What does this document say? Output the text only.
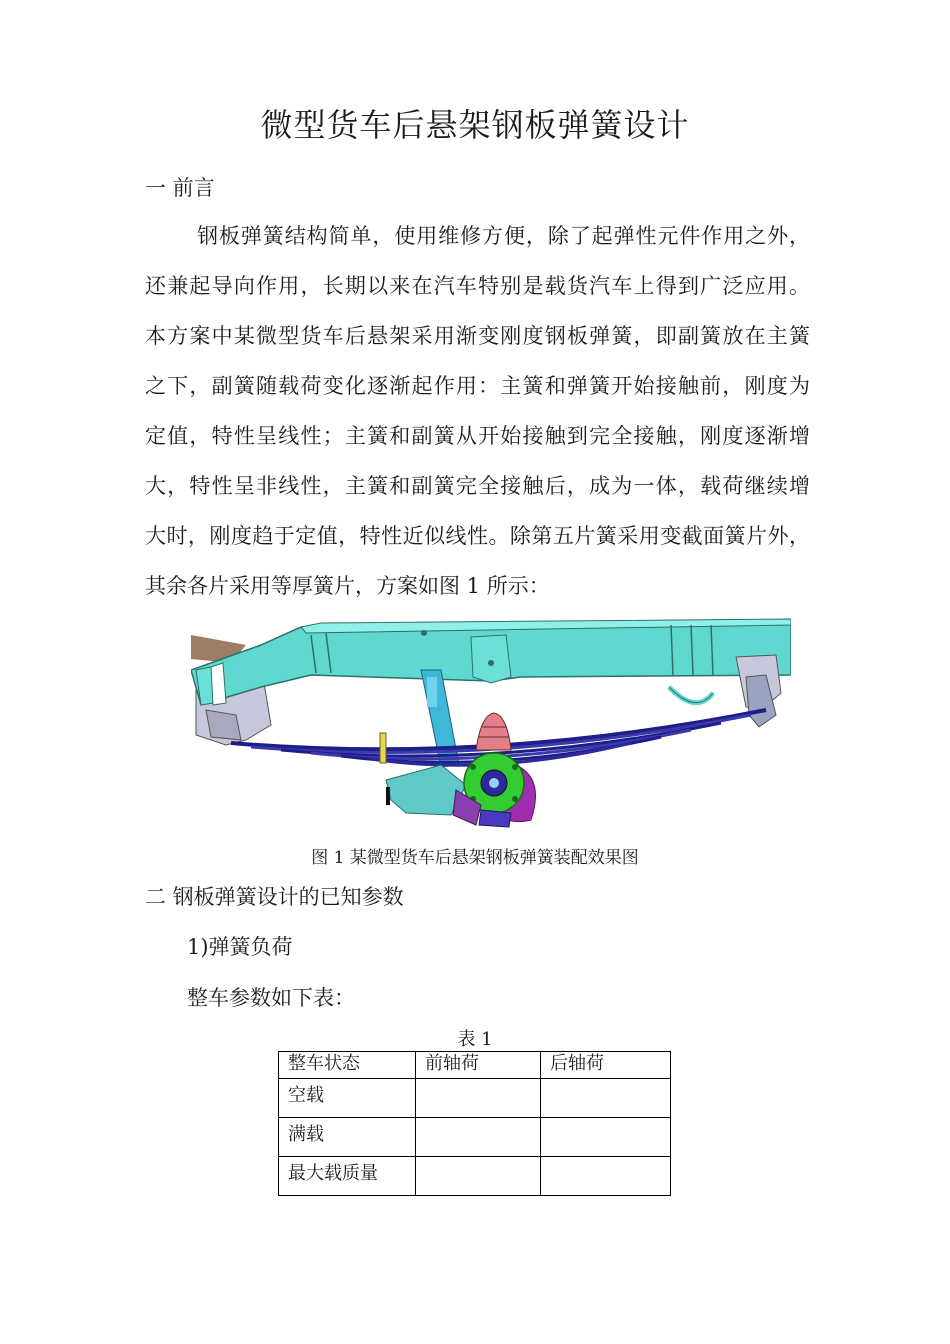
微型货车后悬架钢板弹簧设计
一 前言
钢板弹簧结构简单，使用维修方便，除了起弹性元件作用之外，
还兼起导向作用，长期以来在汽车特别是载货汽车上得到广泛应用。
本方案中某微型货车后悬架采用渐变刚度钢板弹簧，即副簧放在主簧
之下，副簧随载荷变化逐渐起作用：主簧和弹簧开始接触前，刚度为
定值，特性呈线性；主簧和副簧从开始接触到完全接触，刚度逐渐增
大，特性呈非线性，主簧和副簧完全接触后，成为一体，载荷继续增
大时，刚度趋于定值，特性近似线性。除第五片簧采用变截面簧片外，
其余各片采用等厚簧片，方案如图 1 所示：
图 1 某微型货车后悬架钢板弹簧装配效果图
二 钢板弹簧设计的已知参数
1)弹簧负荷
整车参数如下表：
表 1
整车状态	前轴荷	后轴荷
空载		
满载		
最大载质量		
